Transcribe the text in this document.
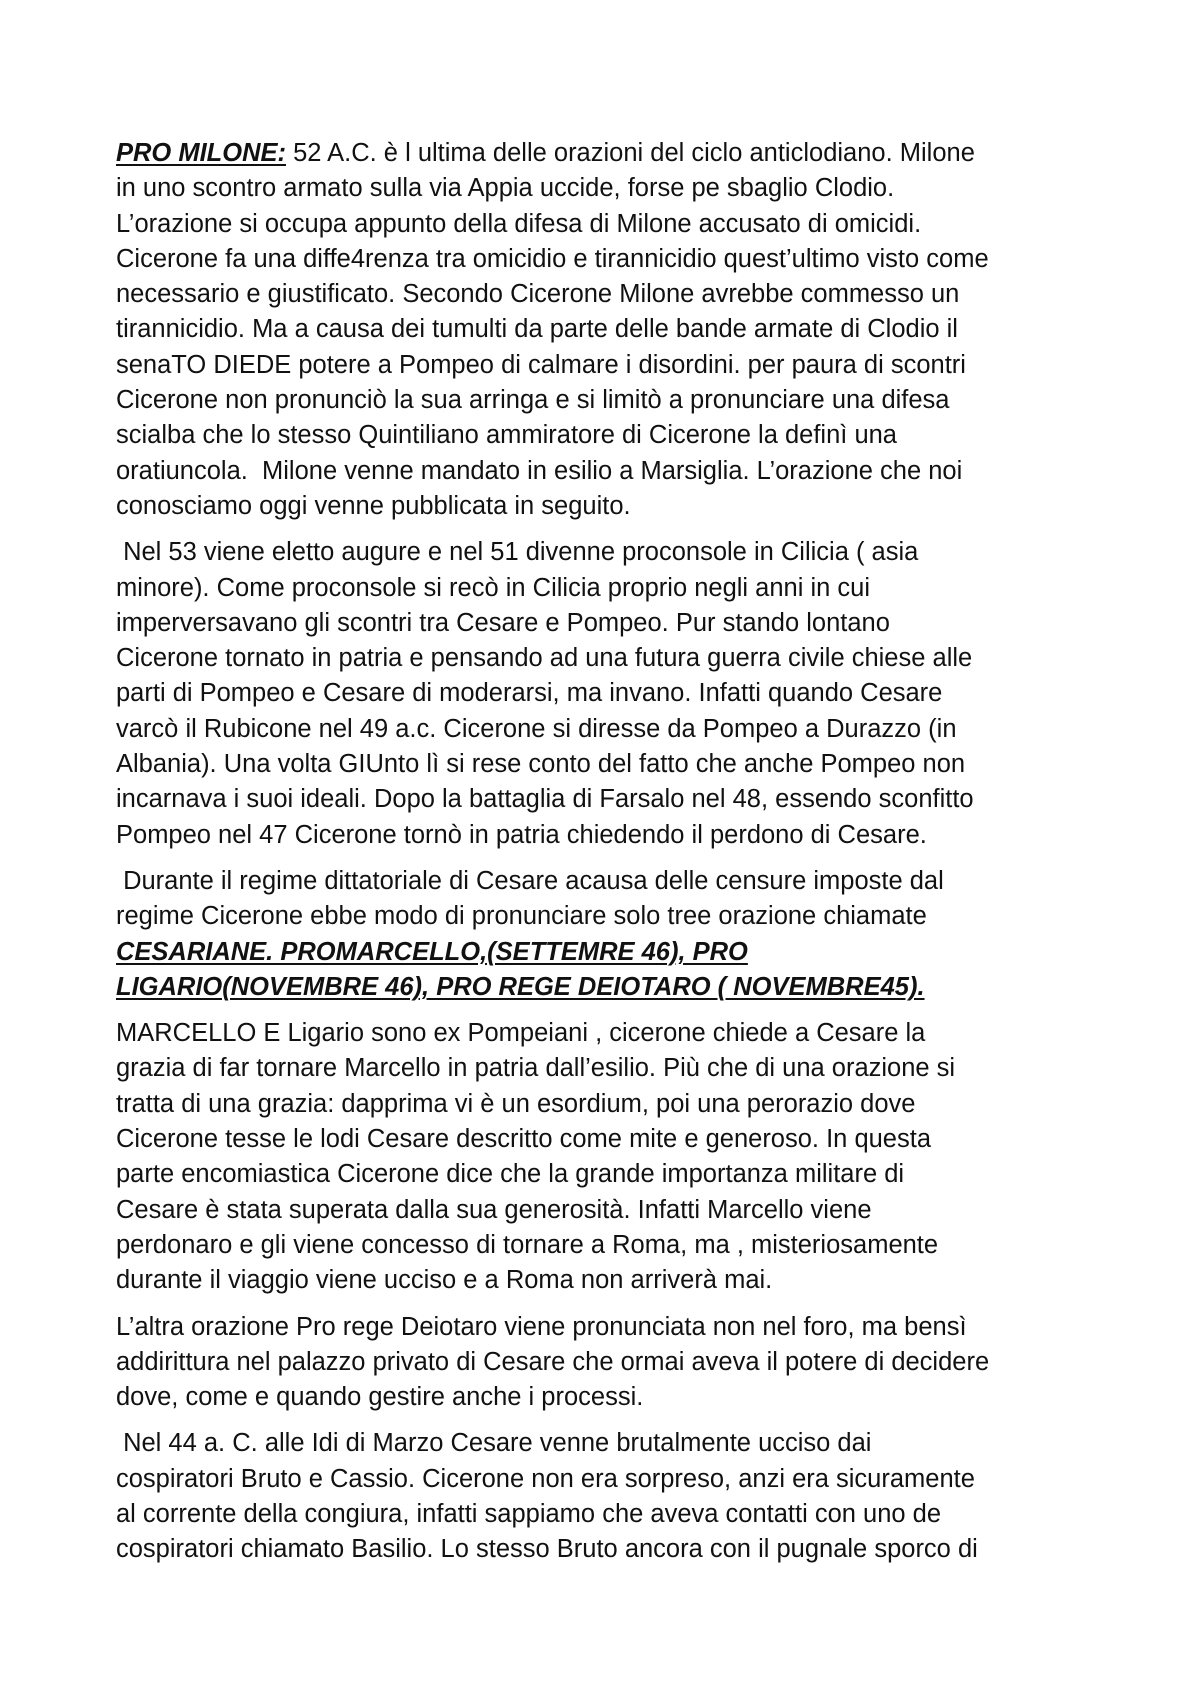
PRO MILONE: 52 A.C. è l ultima delle orazioni del ciclo anticlodiano. Milone
in uno scontro armato sulla via Appia uccide, forse pe sbaglio Clodio.
L’orazione si occupa appunto della difesa di Milone accusato di omicidi.
Cicerone fa una diffe4renza tra omicidio e tirannicidio quest’ultimo visto come
necessario e giustificato. Secondo Cicerone Milone avrebbe commesso un
tirannicidio. Ma a causa dei tumulti da parte delle bande armate di Clodio il
senaTO DIEDE potere a Pompeo di calmare i disordini. per paura di scontri
Cicerone non pronunciò la sua arringa e si limitò a pronunciare una difesa
scialba che lo stesso Quintiliano ammiratore di Cicerone la definì una
oratiuncola.  Milone venne mandato in esilio a Marsiglia. L’orazione che noi
conosciamo oggi venne pubblicata in seguito.
Nel 53 viene eletto augure e nel 51 divenne proconsole in Cilicia ( asia
minore). Come proconsole si recò in Cilicia proprio negli anni in cui
imperversavano gli scontri tra Cesare e Pompeo. Pur stando lontano
Cicerone tornato in patria e pensando ad una futura guerra civile chiese alle
parti di Pompeo e Cesare di moderarsi, ma invano. Infatti quando Cesare
varcò il Rubicone nel 49 a.c. Cicerone si diresse da Pompeo a Durazzo (in
Albania). Una volta GIUnto lì si rese conto del fatto che anche Pompeo non
incarnava i suoi ideali. Dopo la battaglia di Farsalo nel 48, essendo sconfitto
Pompeo nel 47 Cicerone tornò in patria chiedendo il perdono di Cesare.
Durante il regime dittatoriale di Cesare acausa delle censure imposte dal
regime Cicerone ebbe modo di pronunciare solo tree orazione chiamate
CESARIANE. PROMARCELLO,(SETTEMRE 46), PRO
LIGARIO(NOVEMBRE 46), PRO REGE DEIOTARO ( NOVEMBRE45).
MARCELLO E Ligario sono ex Pompeiani , cicerone chiede a Cesare la
grazia di far tornare Marcello in patria dall’esilio. Più che di una orazione si
tratta di una grazia: dapprima vi è un esordium, poi una perorazio dove
Cicerone tesse le lodi Cesare descritto come mite e generoso. In questa
parte encomiastica Cicerone dice che la grande importanza militare di
Cesare è stata superata dalla sua generosità. Infatti Marcello viene
perdonaro e gli viene concesso di tornare a Roma, ma , misteriosamente
durante il viaggio viene ucciso e a Roma non arriverà mai.
L’altra orazione Pro rege Deiotaro viene pronunciata non nel foro, ma bensì
addirittura nel palazzo privato di Cesare che ormai aveva il potere di decidere
dove, come e quando gestire anche i processi.
Nel 44 a. C. alle Idi di Marzo Cesare venne brutalmente ucciso dai
cospiratori Bruto e Cassio. Cicerone non era sorpreso, anzi era sicuramente
al corrente della congiura, infatti sappiamo che aveva contatti con uno de
cospiratori chiamato Basilio. Lo stesso Bruto ancora con il pugnale sporco di
